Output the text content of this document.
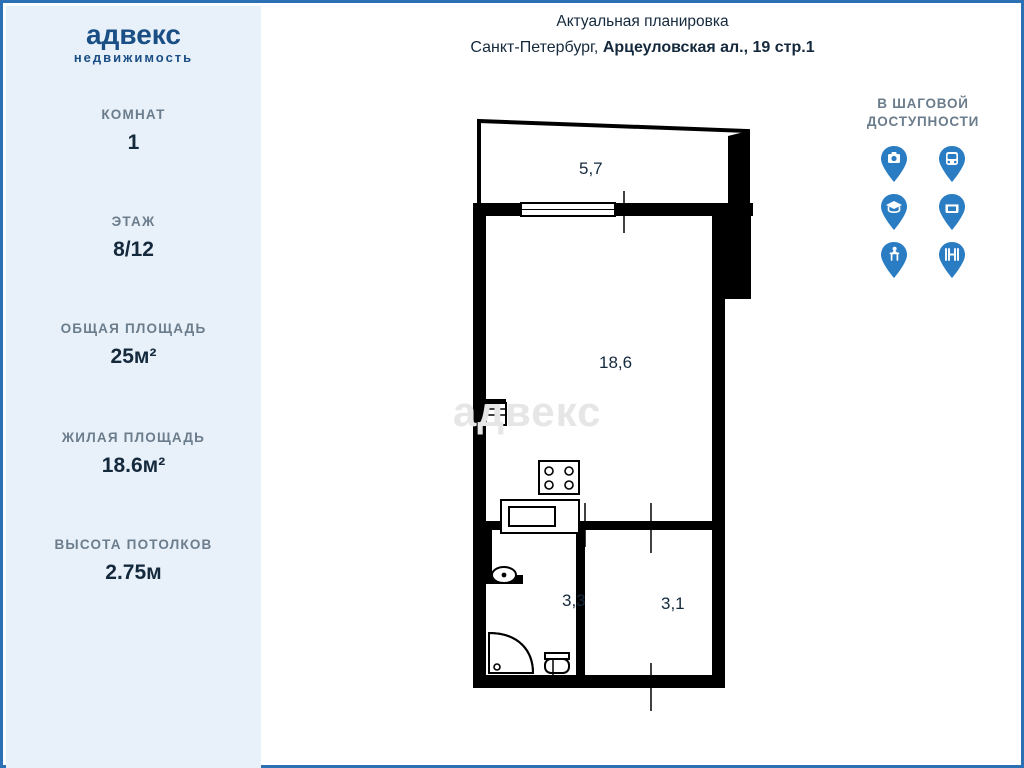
адвекс
недвижимость
КОМНАТ
1
ЭТАЖ
8/12
ОБЩАЯ ПЛОЩАДЬ
25м²
ЖИЛАЯ ПЛОЩАДЬ
18.6м²
ВЫСОТА ПОТОЛКОВ
2.75м
Актуальная планировка
Санкт-Петербург, Арцеуловская ал., 19 стр.1
В ШАГОВОЙ
ДОСТУПНОСТИ
адвекс
5,7
18,6
3,3	3,1
